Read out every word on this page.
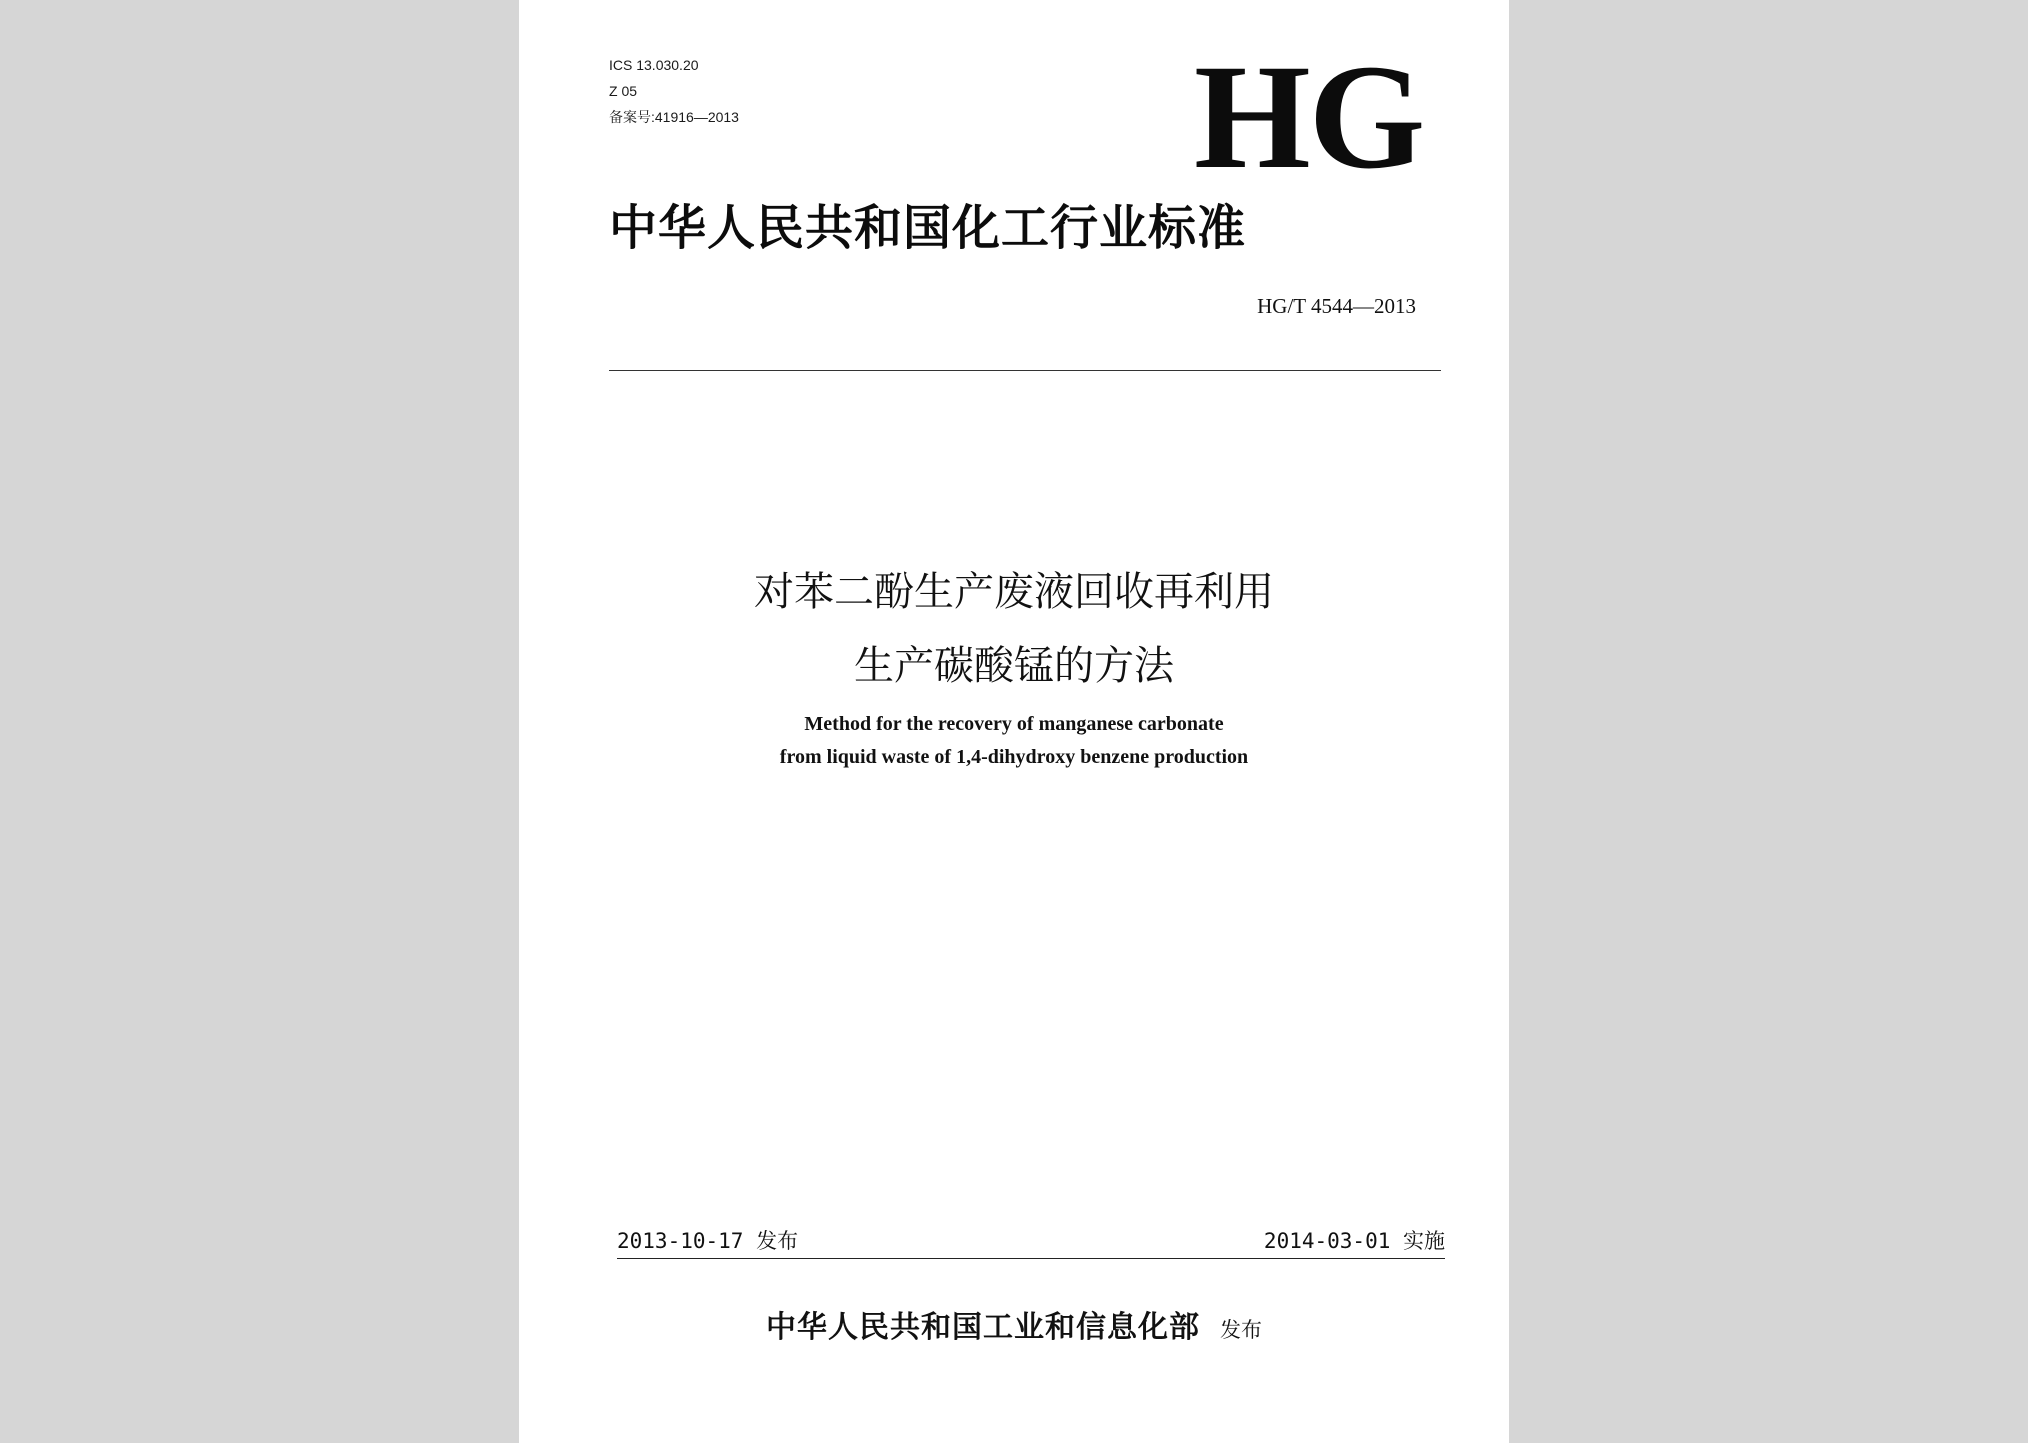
ICS 13.030.20
Z 05
备案号:41916—2013	HG
中华人民共和国化工行业标准
HG/T 4544—2013
对苯二酚生产废液回收再利用
生产碳酸锰的方法
Method for the recovery of manganese carbonate
from liquid waste of 1,4-dihydroxy benzene production
2013-10-17 发布	2014-03-01 实施
中华人民共和国工业和信息化部 发布
